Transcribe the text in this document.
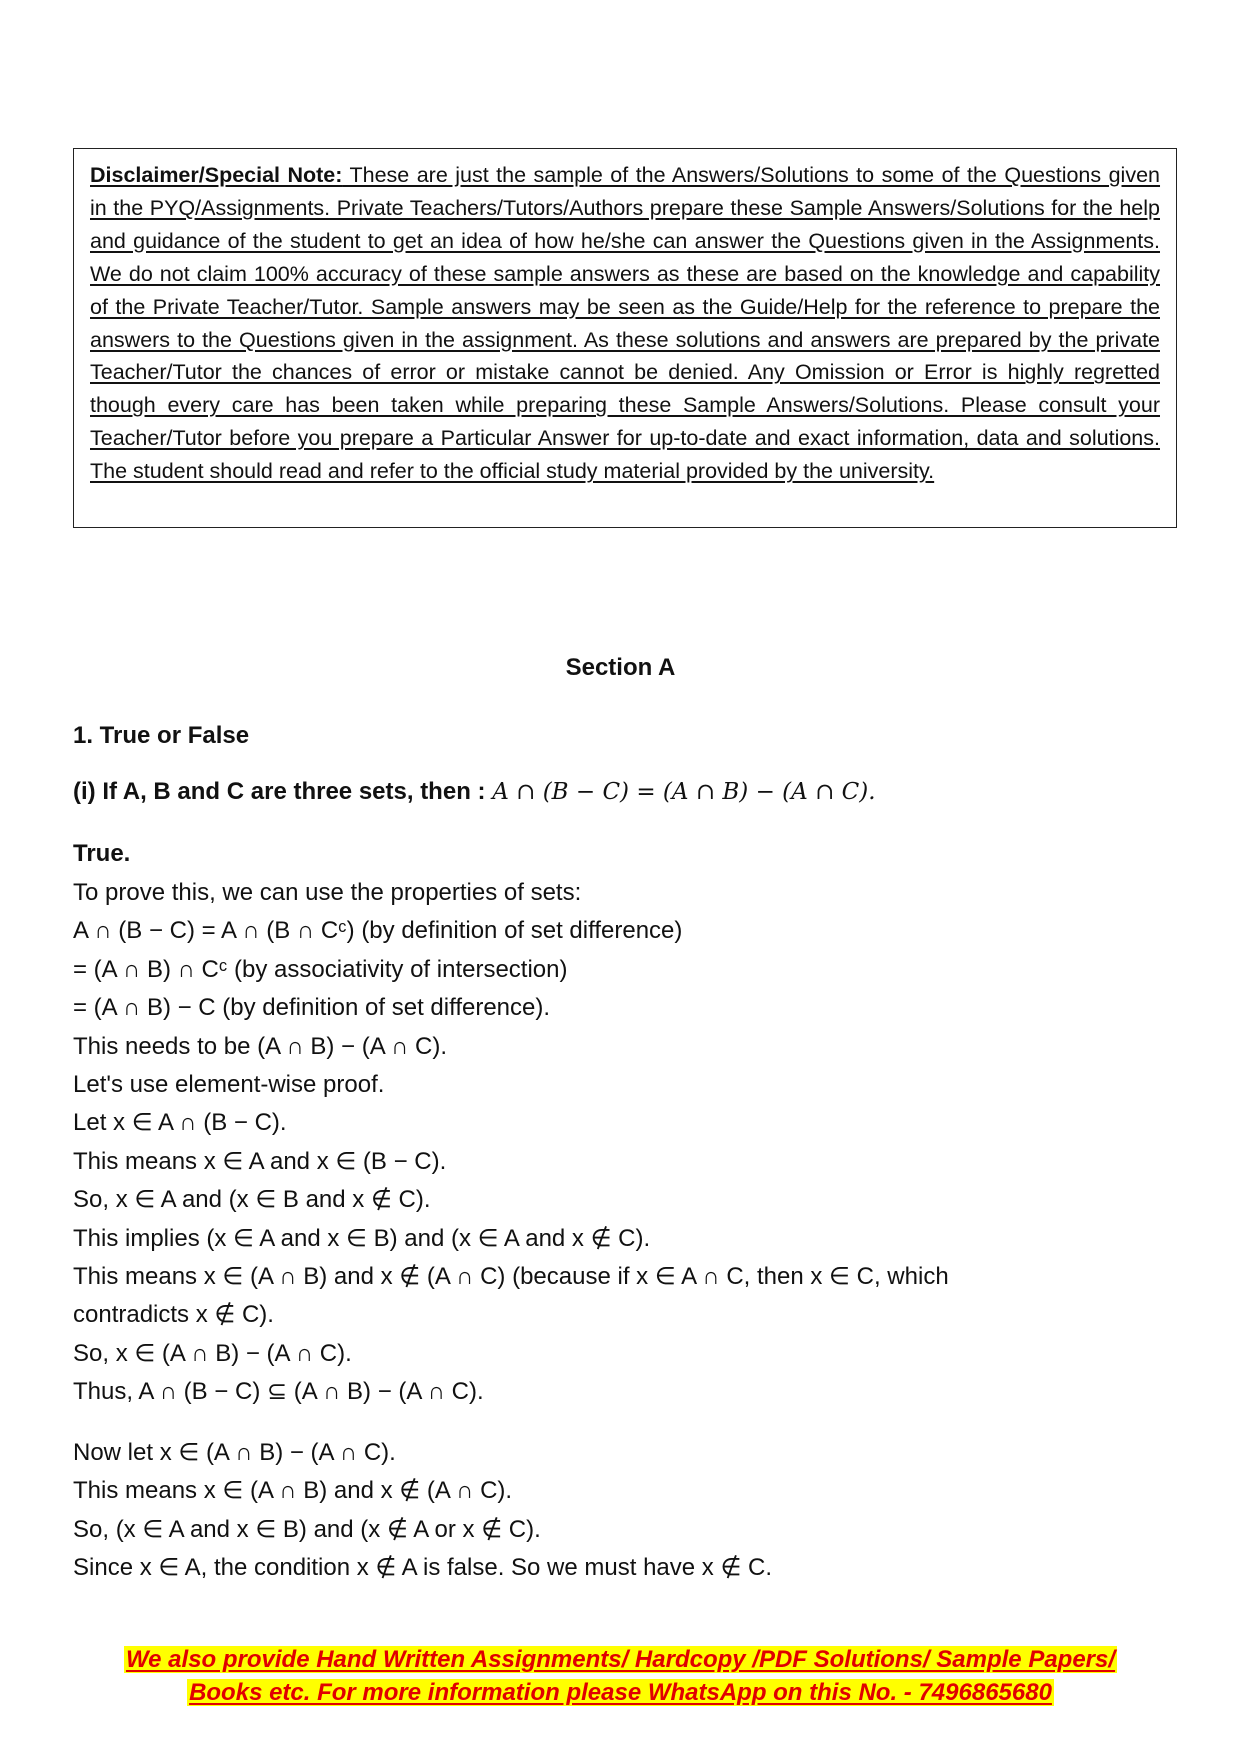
Disclaimer/Special Note: These are just the sample of the Answers/Solutions to some of the Questions given in the PYQ/Assignments. Private Teachers/Tutors/Authors prepare these Sample Answers/Solutions for the help and guidance of the student to get an idea of how he/she can answer the Questions given in the Assignments. We do not claim 100% accuracy of these sample answers as these are based on the knowledge and capability of the Private Teacher/Tutor. Sample answers may be seen as the Guide/Help for the reference to prepare the answers to the Questions given in the assignment. As these solutions and answers are prepared by the private Teacher/Tutor the chances of error or mistake cannot be denied. Any Omission or Error is highly regretted though every care has been taken while preparing these Sample Answers/Solutions. Please consult your Teacher/Tutor before you prepare a Particular Answer for up-to-date and exact information, data and solutions. The student should read and refer to the official study material provided by the university.

Section A

1. True or False

(i) If A, B and C are three sets, then : A ∩ (B − C) = (A ∩ B) − (A ∩ C).

True.

To prove this, we can use the properties of sets:
A ∩ (B − C) = A ∩ (B ∩ Cᶜ) (by definition of set difference)
= (A ∩ B) ∩ Cᶜ (by associativity of intersection)
= (A ∩ B) − C (by definition of set difference).
This needs to be (A ∩ B) − (A ∩ C).
Let's use element-wise proof.
Let x ∈ A ∩ (B − C).
This means x ∈ A and x ∈ (B − C).
So, x ∈ A and (x ∈ B and x ∉ C).
This implies (x ∈ A and x ∈ B) and (x ∈ A and x ∉ C).
This means x ∈ (A ∩ B) and x ∉ (A ∩ C) (because if x ∈ A ∩ C, then x ∈ C, which
contradicts x ∉ C).
So, x ∈ (A ∩ B) − (A ∩ C).
Thus, A ∩ (B − C) ⊆ (A ∩ B) − (A ∩ C).
Now let x ∈ (A ∩ B) − (A ∩ C).
This means x ∈ (A ∩ B) and x ∉ (A ∩ C).
So, (x ∈ A and x ∈ B) and (x ∉ A or x ∉ C).
Since x ∈ A, the condition x ∉ A is false. So we must have x ∉ C.
We also provide Hand Written Assignments/ Hardcopy /PDF Solutions/ Sample Papers/
Books etc. For more information please WhatsApp on this No. - 7496865680
